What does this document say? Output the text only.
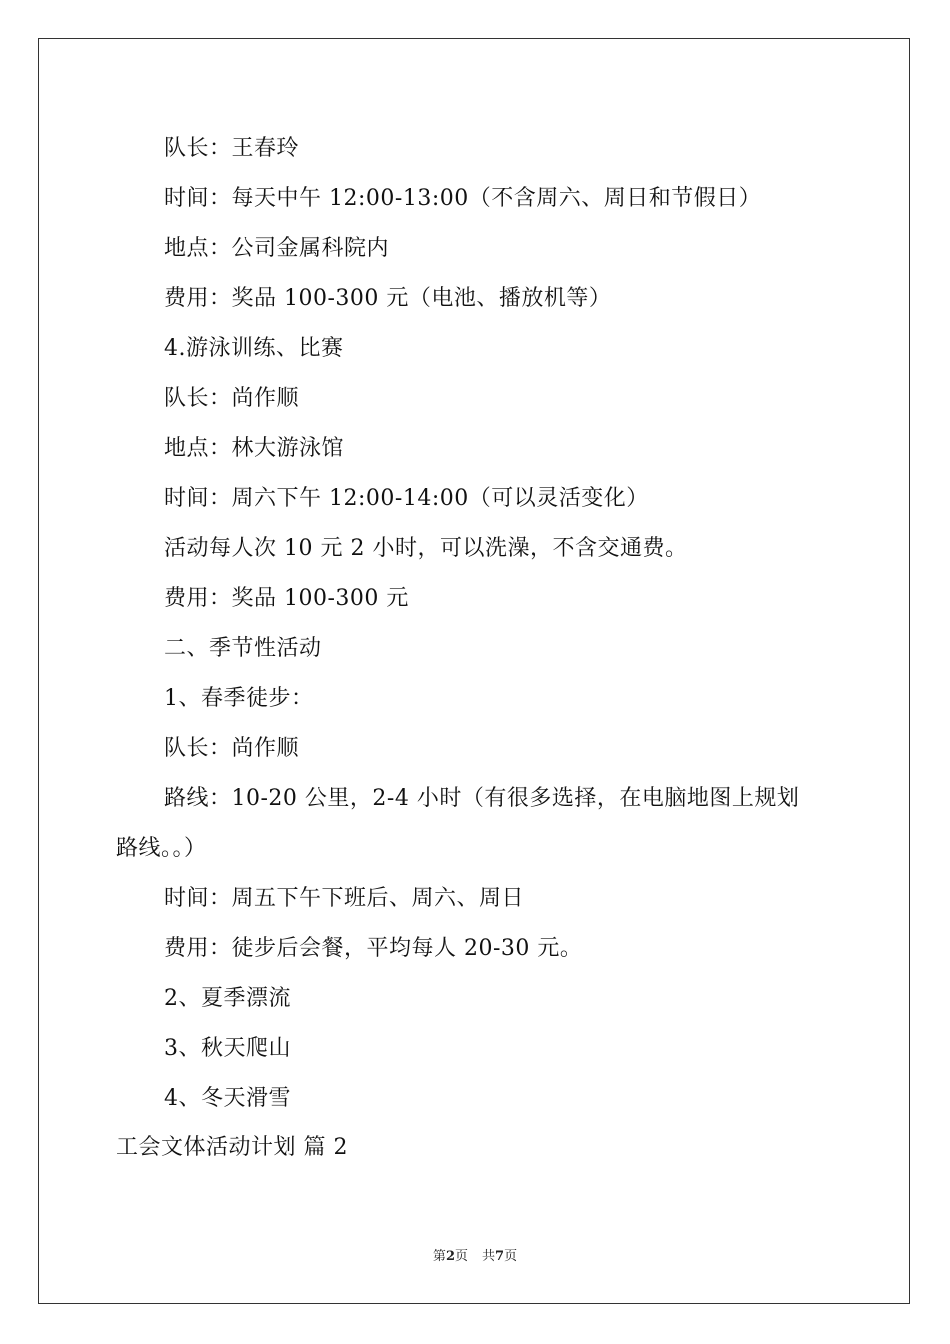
队长：王春玲
时间：每天中午 12:00-13:00（不含周六、周日和节假日）
地点：公司金属科院内
费用：奖品 100-300 元（电池、播放机等）
4.游泳训练、比赛
队长：尚作顺
地点：林大游泳馆
时间：周六下午 12:00-14:00（可以灵活变化）
活动每人次 10 元 2 小时，可以洗澡，不含交通费。
费用：奖品 100-300 元
二、季节性活动
1、春季徒步：
队长：尚作顺
路线：10-20 公里，2-4 小时（有很多选择，在电脑地图上规划
路线。。）
时间：周五下午下班后、周六、周日
费用：徒步后会餐，平均每人 20-30 元。
2、夏季漂流
3、秋天爬山
4、冬天滑雪
工会文体活动计划 篇 2
第2页 共7页
